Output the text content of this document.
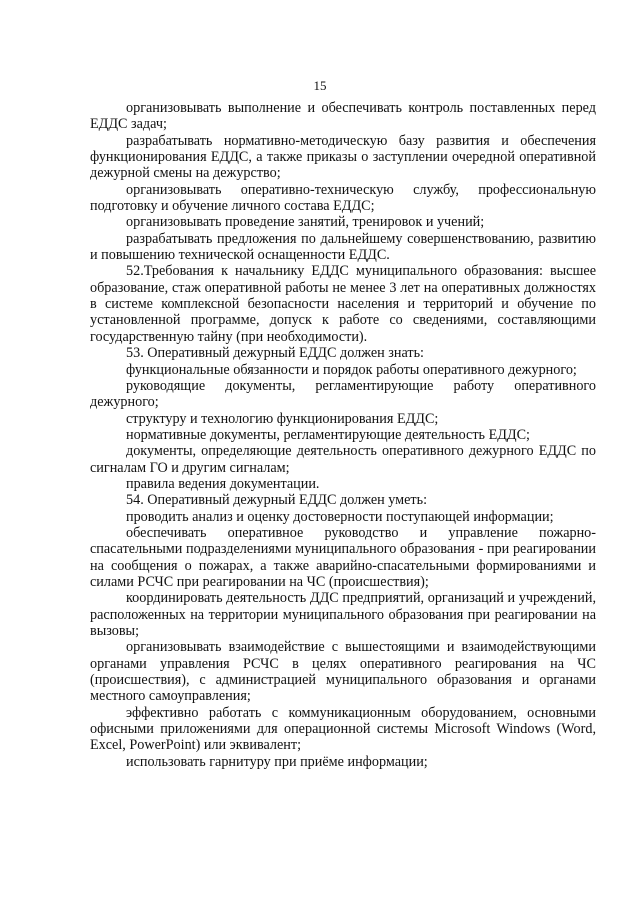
15

организовывать выполнение и обеспечивать контроль поставленных перед ЕДДС задач;

разрабатывать нормативно-методическую базу развития и обеспечения функционирования ЕДДС, а также приказы о заступлении очередной оперативной дежурной смены на дежурство;

организовывать оперативно-техническую службу, профессиональную подготовку и обучение личного состава ЕДДС;

организовывать проведение занятий, тренировок и учений;

разрабатывать предложения по дальнейшему совершенствованию, развитию и повышению технической оснащенности ЕДДС.

52.Требования к начальнику ЕДДС муниципального образования: высшее образование, стаж оперативной работы не менее 3 лет на оперативных должностях в системе комплексной безопасности населения и территорий и обучение по установленной программе, допуск к работе со сведениями, составляющими государственную тайну (при необходимости).

53. Оперативный дежурный ЕДДС должен знать:

функциональные обязанности и порядок работы оперативного дежурного;

руководящие документы, регламентирующие работу оперативного дежурного;

структуру и технологию функционирования ЕДДС;

нормативные документы, регламентирующие деятельность ЕДДС;

документы, определяющие деятельность оперативного дежурного ЕДДС по сигналам ГО и другим сигналам;

правила ведения документации.

54. Оперативный дежурный ЕДДС должен уметь:

проводить анализ и оценку достоверности поступающей информации;

обеспечивать оперативное руководство и управление пожарно-спасательными подразделениями муниципального образования - при реагировании на сообщения о пожарах, а также аварийно-спасательными формированиями и силами РСЧС при реагировании на ЧС (происшествия);

координировать деятельность ДДС предприятий, организаций и учреждений, расположенных на территории муниципального образования при реагировании на вызовы;

организовывать взаимодействие с вышестоящими и взаимодействующими органами управления РСЧС в целях оперативного реагирования на ЧС (происшествия), с администрацией муниципального образования и органами местного самоуправления;

эффективно работать с коммуникационным оборудованием, основными офисными приложениями для операционной системы Microsoft Windows (Word, Excel, PowerPoint) или эквивалент;

использовать гарнитуру при приёме информации;
